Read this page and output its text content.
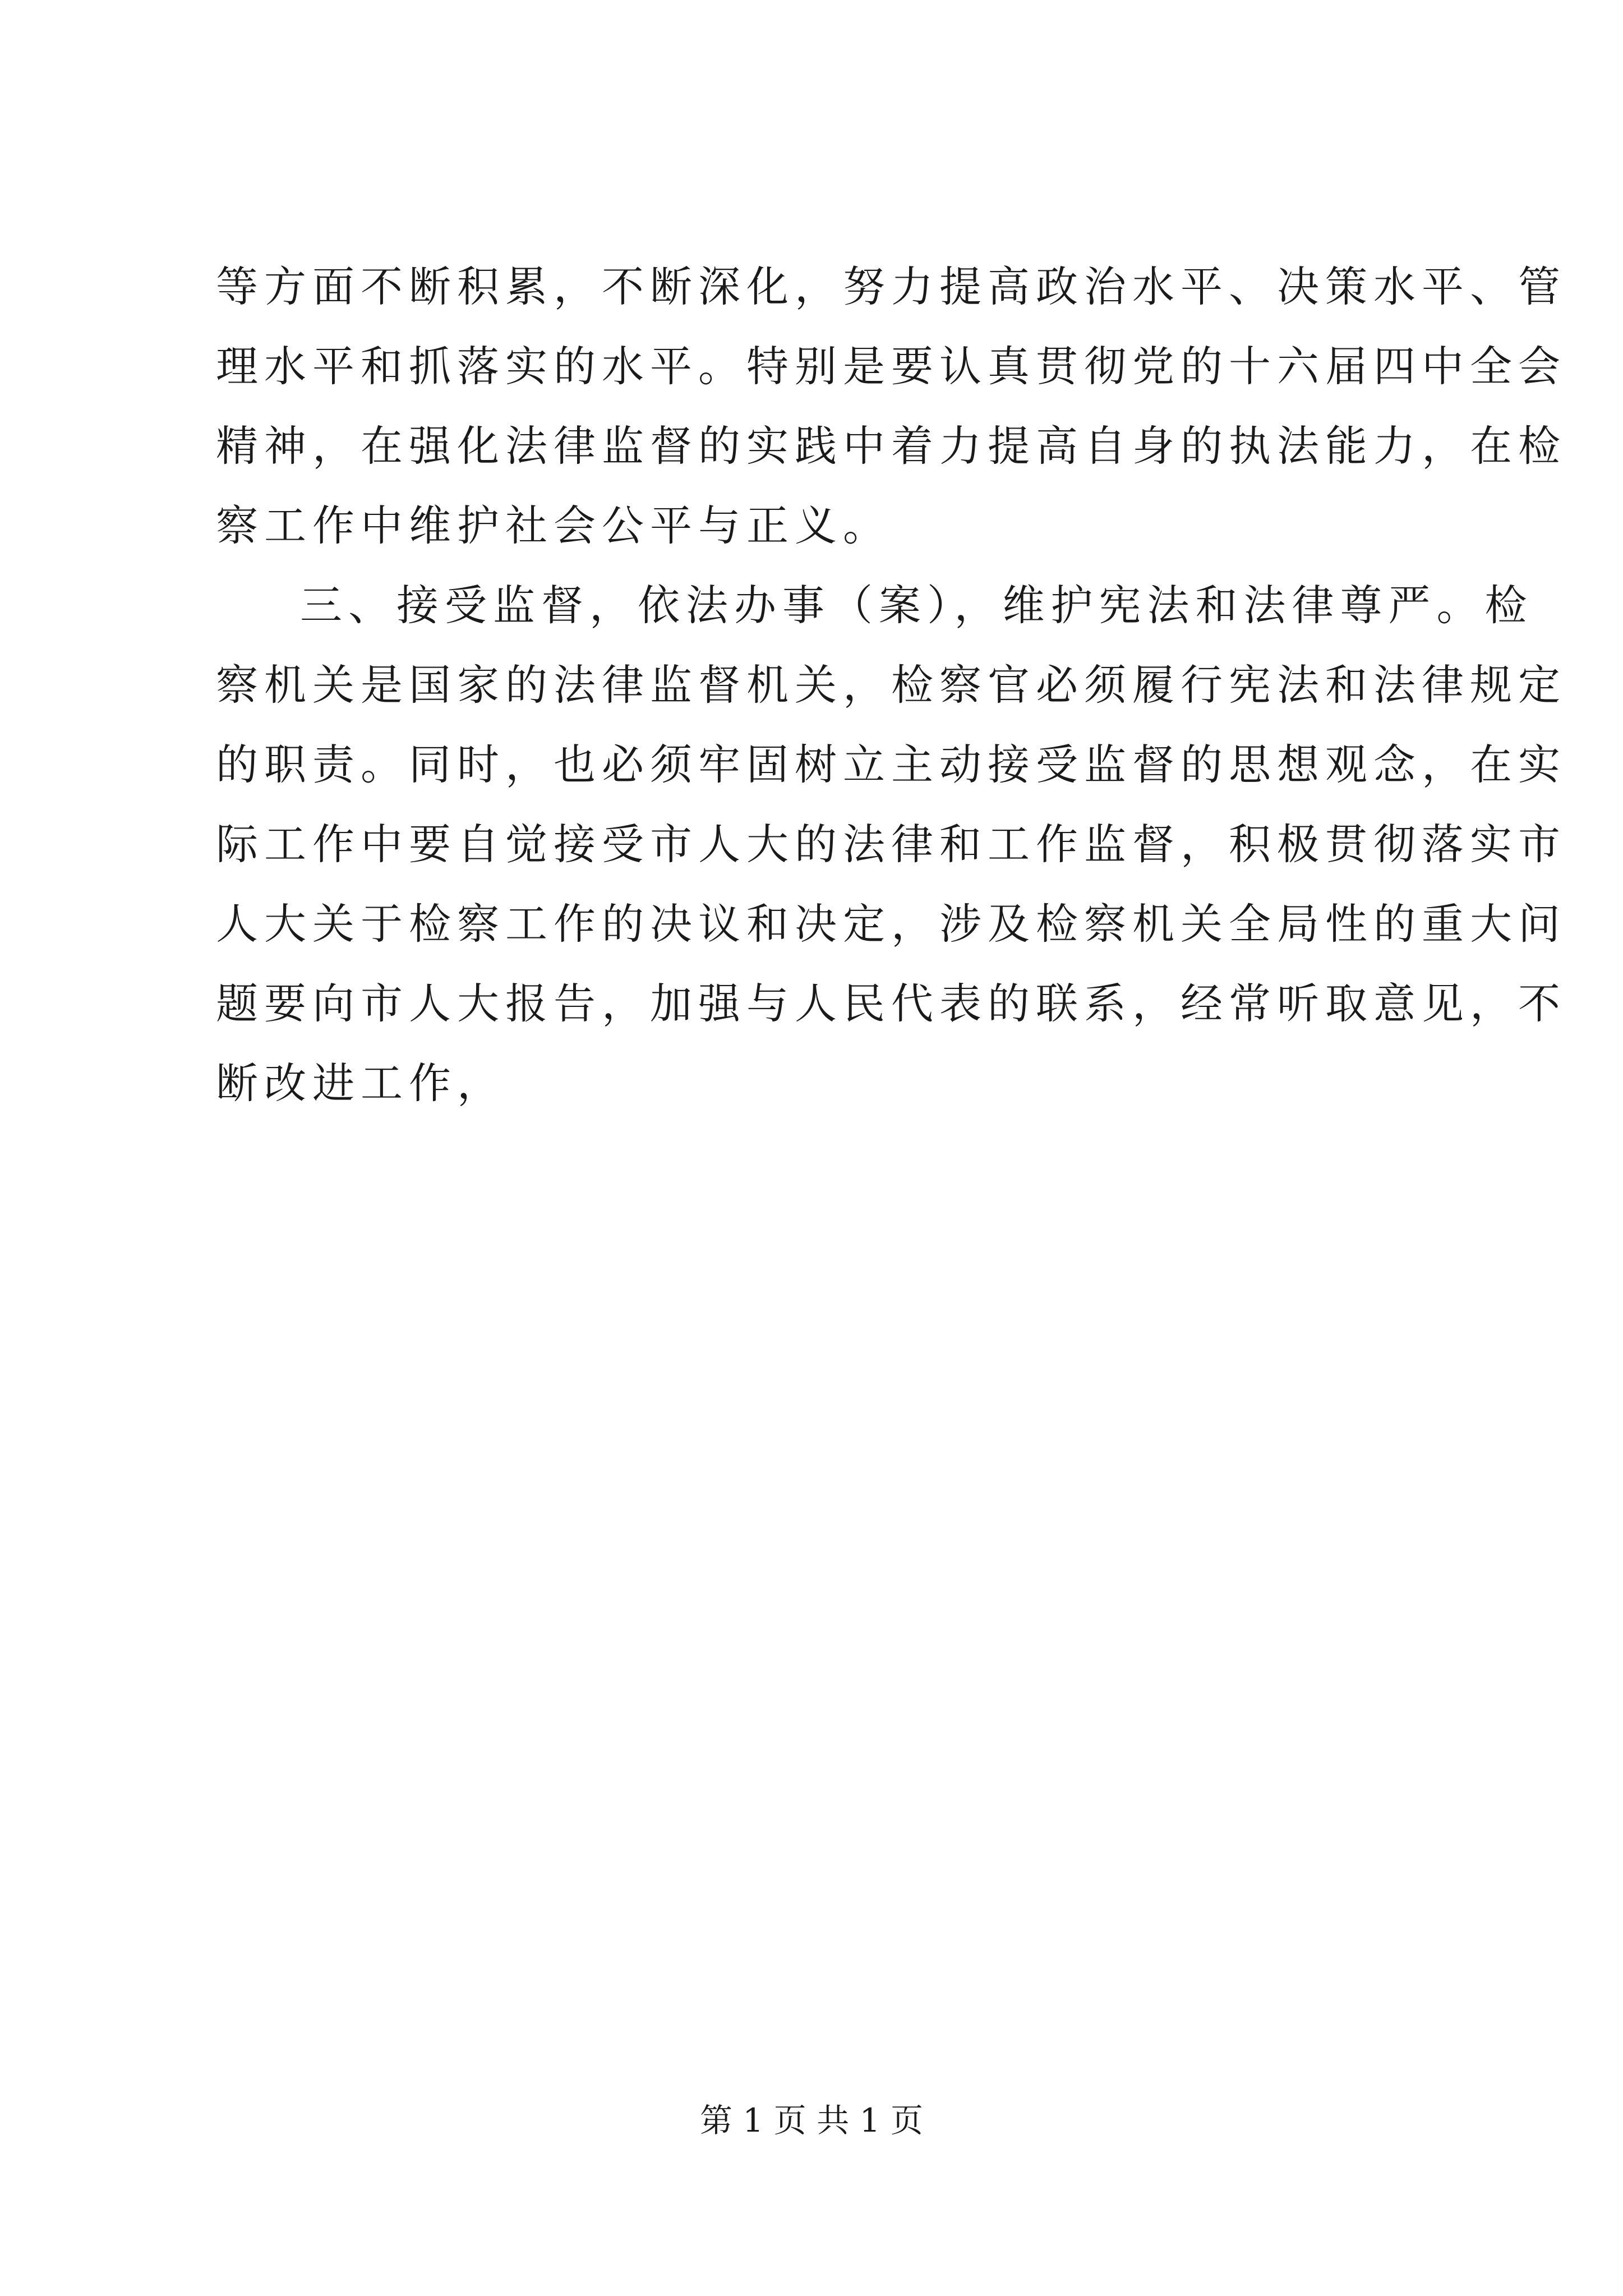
等方面不断积累，不断深化，努力提高政治水平、决策水平、管

理水平和抓落实的水平。特别是要认真贯彻党的十六届四中全会

精神，在强化法律监督的实践中着力提高自身的执法能力，在检

察工作中维护社会公平与正义。

三、接受监督，依法办事（案），维护宪法和法律尊严。检

察机关是国家的法律监督机关，检察官必须履行宪法和法律规定

的职责。同时，也必须牢固树立主动接受监督的思想观念，在实

际工作中要自觉接受市人大的法律和工作监督，积极贯彻落实市

人大关于检察工作的决议和决定，涉及检察机关全局性的重大问

题要向市人大报告，加强与人民代表的联系，经常听取意见，不

断改进工作，

第 1 页 共 1 页
